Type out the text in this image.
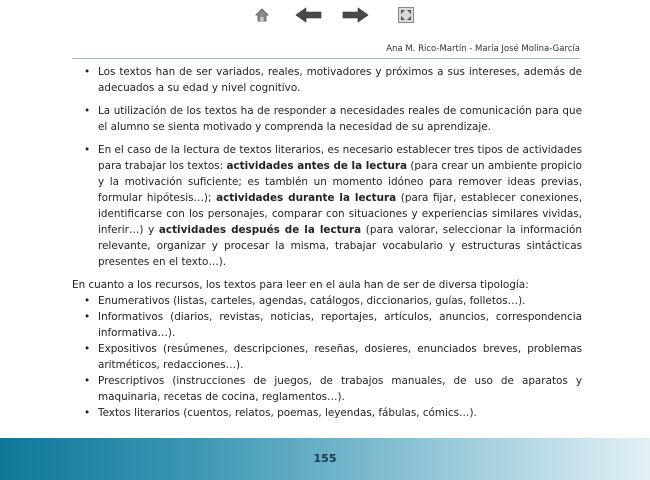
Ana M. Rico-Martín - María José Molina-García
• Los textos han de ser variados, reales, motivadores y próximos a sus intereses, además de adecuados a su edad y nivel cognitivo.
• La utilización de los textos ha de responder a necesidades reales de comunicación para que el alumno se sienta motivado y comprenda la necesidad de su aprendizaje.
• En el caso de la lectura de textos literarios, es necesario establecer tres tipos de actividades para trabajar los textos: actividades antes de la lectura (para crear un ambiente propicio y la motivación suficiente; es también un momento idóneo para remover ideas previas, formular hipótesis…); actividades durante la lectura (para fijar, establecer conexiones, identificarse con los personajes, comparar con situaciones y experiencias similares vividas, inferir…) y actividades después de la lectura (para valorar, seleccionar la información relevante, organizar y procesar la misma, trabajar vocabulario y estructuras sintácticas presentes en el texto…).

En cuanto a los recursos, los textos para leer en el aula han de ser de diversa tipología:

• Enumerativos (listas, carteles, agendas, catálogos, diccionarios, guías, folletos…).
• Informativos (diarios, revistas, noticias, reportajes, artículos, anuncios, correspondencia informativa…).
• Expositivos (resúmenes, descripciones, reseñas, dosieres, enunciados breves, problemas aritméticos, redacciones…).
• Prescriptivos (instrucciones de juegos, de trabajos manuales, de uso de aparatos y maquinaria, recetas de cocina, reglamentos…).
• Textos literarios (cuentos, relatos, poemas, leyendas, fábulas, cómics…).
155
